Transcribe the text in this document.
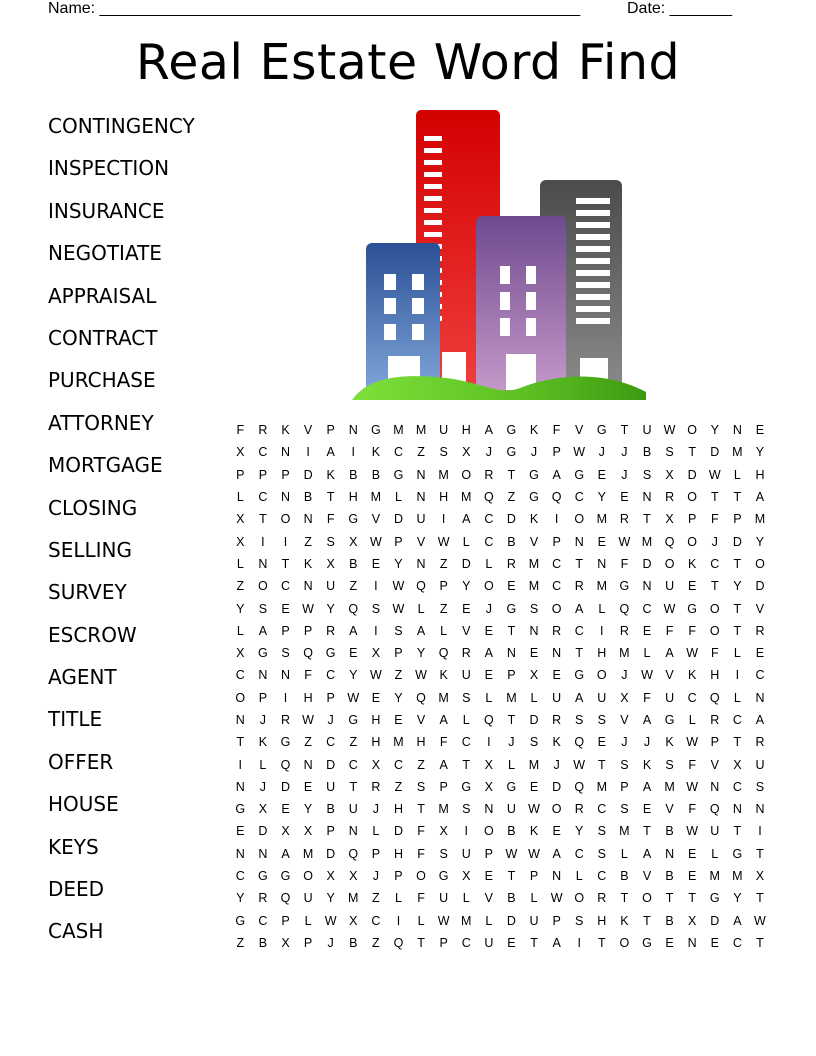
Name: ______________________________________________________	Date: _______
Real Estate Word Find
CONTINGENCY
INSPECTION
INSURANCE
NEGOTIATE
APPRAISAL
CONTRACT
PURCHASE
ATTORNEY
MORTGAGE
CLOSING
SELLING
SURVEY
ESCROW
AGENT
TITLE
OFFER
HOUSE
KEYS
DEED
CASH
F	R	K	V	P	N	G	M	M	U	H	A	G	K	F	V	G	T	U	W	O	Y	N	E
X	C	N	I	A	I	K	C	Z	S	X	J	G	J	P	W	J	J	B	S	T	D	M	Y
P	P	P	D	K	B	B	G	N	M	O	R	T	G	A	G	E	J	S	X	D	W	L	H
L	C	N	B	T	H	M	L	N	H	M	Q	Z	G	Q	C	Y	E	N	R	O	T	T	A
X	T	O	N	F	G	V	D	U	I	A	C	D	K	I	O	M	R	T	X	P	F	P	M
X	I	I	Z	S	X	W	P	V	W	L	C	B	V	P	N	E	W	M	Q	O	J	D	Y
L	N	T	K	X	B	E	Y	N	Z	D	L	R	M	C	T	N	F	D	O	K	C	T	O
Z	O	C	N	U	Z	I	W	Q	P	Y	O	E	M	C	R	M	G	N	U	E	T	Y	D
Y	S	E	W	Y	Q	S	W	L	Z	E	J	G	S	O	A	L	Q	C	W	G	O	T	V
L	A	P	P	R	A	I	S	A	L	V	E	T	N	R	C	I	R	E	F	F	O	T	R
X	G	S	Q	G	E	X	P	Y	Q	R	A	N	E	N	T	H	M	L	A	W	F	L	E
C	N	N	F	C	Y	W	Z	W	K	U	E	P	X	E	G	O	J	W	V	K	H	I	C
O	P	I	H	P	W	E	Y	Q	M	S	L	M	L	U	A	U	X	F	U	C	Q	L	N
N	J	R	W	J	G	H	E	V	A	L	Q	T	D	R	S	S	V	A	G	L	R	C	A
T	K	G	Z	C	Z	H	M	H	F	C	I	J	S	K	Q	E	J	J	K	W	P	T	R
I	L	Q	N	D	C	X	C	Z	A	T	X	L	M	J	W	T	S	K	S	F	V	X	U
N	J	D	E	U	T	R	Z	S	P	G	X	G	E	D	Q	M	P	A	M	W	N	C	S
G	X	E	Y	B	U	J	H	T	M	S	N	U	W	O	R	C	S	E	V	F	Q	N	N
E	D	X	X	P	N	L	D	F	X	I	O	B	K	E	Y	S	M	T	B	W	U	T	I
N	N	A	M	D	Q	P	H	F	S	U	P	W	W	A	C	S	L	A	N	E	L	G	T
C	G	G	O	X	X	J	P	O	G	X	E	T	P	N	L	C	B	V	B	E	M	M	X
Y	R	Q	U	Y	M	Z	L	F	U	L	V	B	L	W	O	R	T	O	T	T	G	Y	T
G	C	P	L	W	X	C	I	L	W	M	L	D	U	P	S	H	K	T	B	X	D	A	W
Z	B	X	P	J	B	Z	Q	T	P	C	U	E	T	A	I	T	O	G	E	N	E	C	T
